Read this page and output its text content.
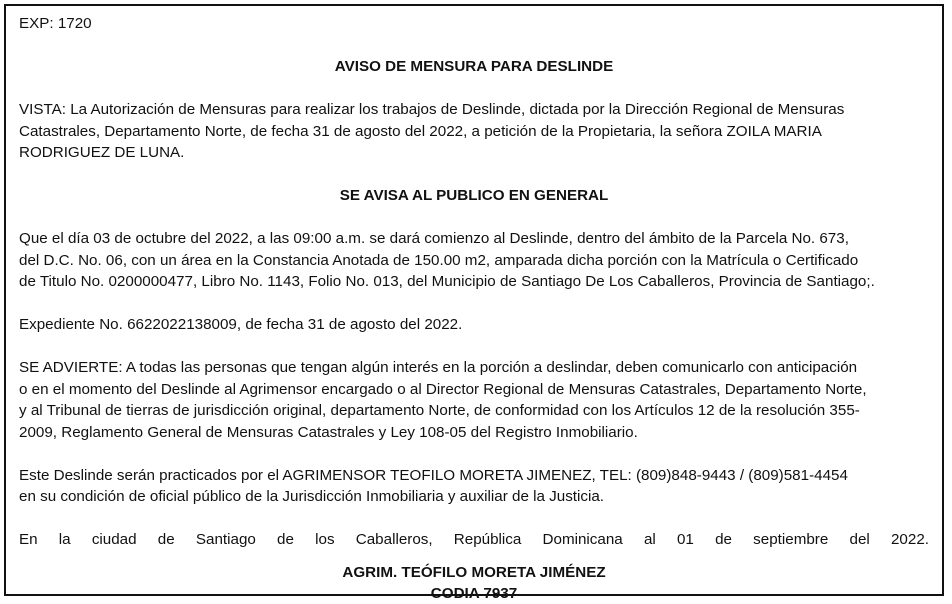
EXP: 1720
AVISO DE MENSURA PARA DESLINDE
VISTA: La Autorización de Mensuras para realizar los trabajos de Deslinde, dictada por la Dirección Regional de Mensuras
Catastrales, Departamento Norte, de fecha 31 de agosto del 2022, a petición de la Propietaria, la señora ZOILA MARIA
RODRIGUEZ DE LUNA.
SE AVISA AL PUBLICO EN GENERAL
Que el día 03 de octubre del 2022, a las 09:00 a.m. se dará comienzo al Deslinde, dentro del ámbito de la Parcela No. 673,
del D.C. No. 06, con un área en la Constancia Anotada de 150.00 m2, amparada dicha porción con la Matrícula o Certificado
de Titulo No. 0200000477, Libro No. 1143, Folio No. 013, del Municipio de Santiago De Los Caballeros, Provincia de Santiago;.
Expediente No. 6622022138009, de fecha 31 de agosto del 2022.
SE ADVIERTE: A todas las personas que tengan algún interés en la porción a deslindar, deben comunicarlo con anticipación
o en el momento del Deslinde al Agrimensor encargado o al Director Regional de Mensuras Catastrales, Departamento Norte,
y al Tribunal de tierras de jurisdicción original, departamento Norte, de conformidad con los Artículos 12 de la resolución 355-
2009, Reglamento General de Mensuras Catastrales y Ley 108-05 del Registro Inmobiliario.
Este Deslinde serán practicados por el AGRIMENSOR TEOFILO MORETA JIMENEZ, TEL: (809)848-9443 / (809)581-4454
en su condición de oficial público de la Jurisdicción Inmobiliaria y auxiliar de la Justicia.
En la ciudad de Santiago de los Caballeros, República Dominicana al 01 de septiembre del 2022.
AGRIM. TEÓFILO MORETA JIMÉNEZ
CODIA 7937
